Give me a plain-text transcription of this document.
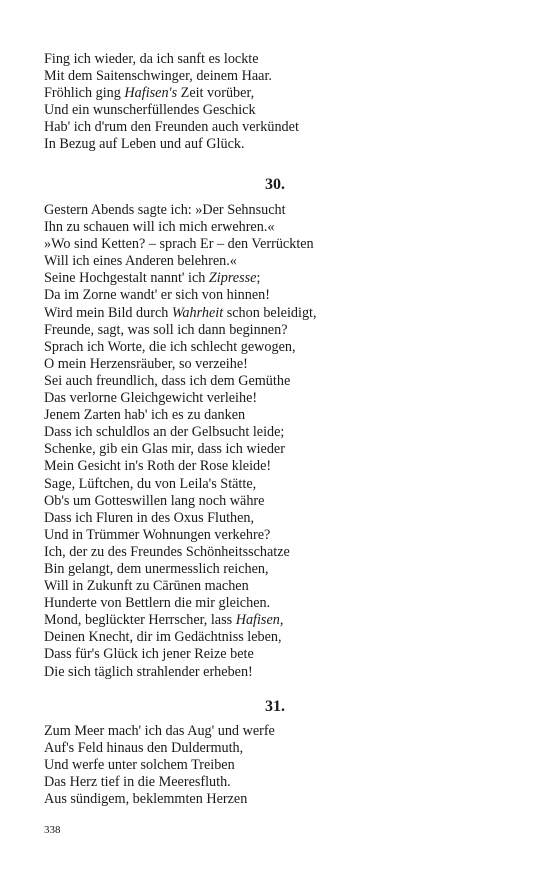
Fing ich wieder, da ich sanft es lockte
Mit dem Saitenschwinger, deinem Haar.
Fröhlich ging Hafisen's Zeit vorüber,
Und ein wunscherfüllendes Geschick
Hab' ich d'rum den Freunden auch verkündet
In Bezug auf Leben und auf Glück.
30.
Gestern Abends sagte ich: »Der Sehnsucht
Ihn zu schauen will ich mich erwehren.«
»Wo sind Ketten? – sprach Er – den Verrückten
Will ich eines Anderen belehren.«
Seine Hochgestalt nannt' ich Zipresse;
Da im Zorne wandt' er sich von hinnen!
Wird mein Bild durch Wahrheit schon beleidigt,
Freunde, sagt, was soll ich dann beginnen?
Sprach ich Worte, die ich schlecht gewogen,
O mein Herzensräuber, so verzeihe!
Sei auch freundlich, dass ich dem Gemüthe
Das verlorne Gleichgewicht verleihe!
Jenem Zarten hab' ich es zu danken
Dass ich schuldlos an der Gelbsucht leide;
Schenke, gib ein Glas mir, dass ich wieder
Mein Gesicht in's Roth der Rose kleide!
Sage, Lüftchen, du von Leila's Stätte,
Ob's um Gotteswillen lang noch währe
Dass ich Fluren in des Oxus Fluthen,
Und in Trümmer Wohnungen verkehre?
Ich, der zu des Freundes Schönheitsschatze
Bin gelangt, dem unermesslich reichen,
Will in Zukunft zu Cārūnen machen
Hunderte von Bettlern die mir gleichen.
Mond, beglückter Herrscher, lass Hafisen,
Deinen Knecht, dir im Gedächtniss leben,
Dass für's Glück ich jener Reize bete
Die sich täglich strahlender erheben!
31.
Zum Meer mach' ich das Aug' und werfe
Auf's Feld hinaus den Duldermuth,
Und werfe unter solchem Treiben
Das Herz tief in die Meeresfluth.
Aus sündigem, beklemmten Herzen
338
